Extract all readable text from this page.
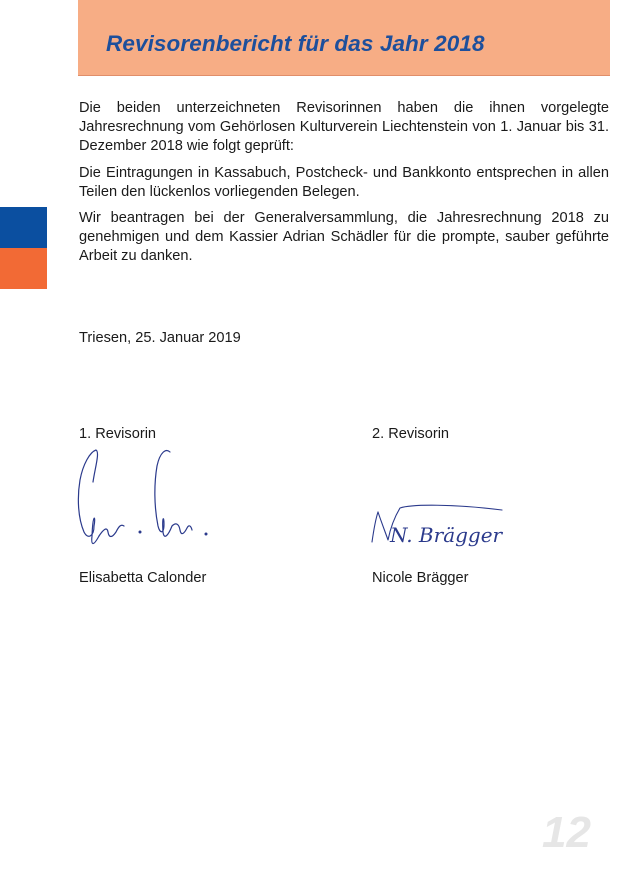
Revisorenbericht für das Jahr 2018

Die beiden unterzeichneten Revisorinnen haben die ihnen vorgelegte Jahresrechnung vom Gehörlosen Kulturverein Liechtenstein von 1. Januar bis 31. Dezember 2018 wie folgt geprüft:

Die Eintragungen in Kassabuch, Postcheck- und Bankkonto entsprechen in allen Teilen den lückenlos vorliegenden Belegen.

Wir beantragen bei der Generalversammlung, die Jahresrechnung 2018 zu genehmigen und dem Kassier Adrian Schädler für die prompte, sauber geführte Arbeit zu danken.

Triesen, 25. Januar 2019
1. Revisorin	2. Revisorin
N. Brägger
Elisabetta Calonder	Nicole Brägger
12
